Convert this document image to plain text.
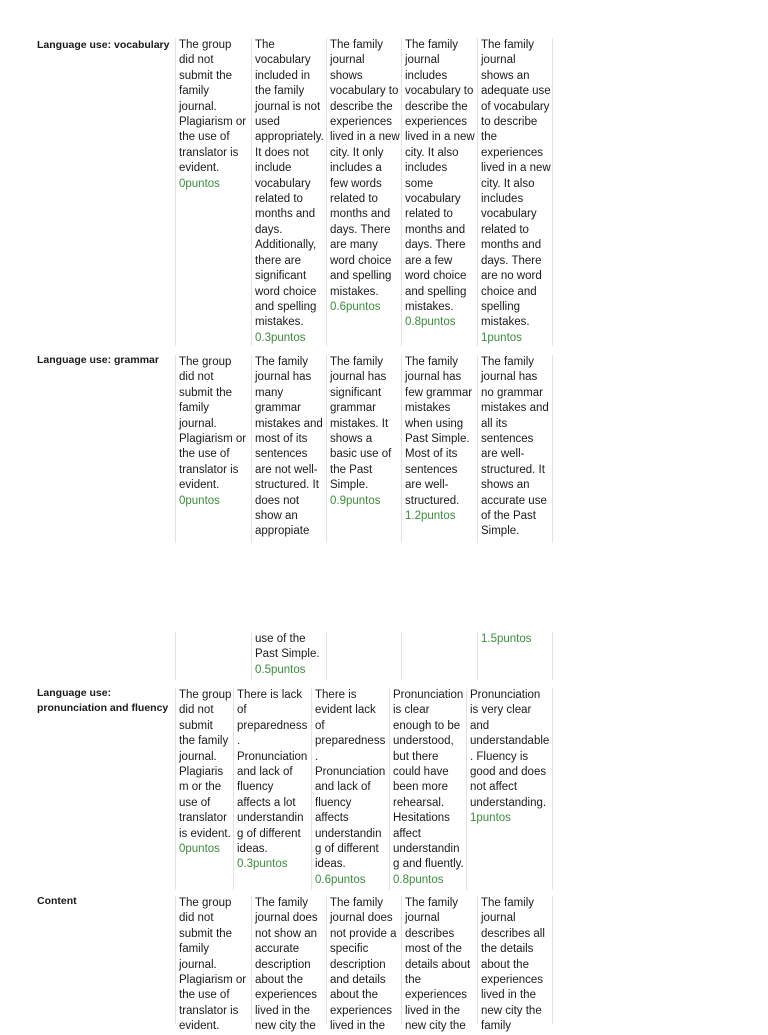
Language use: vocabulary The group
did not
submit the
family
journal.
Plagiarism or
the use of
translator is
evident.
0puntos
The
vocabulary
included in
the family
journal is not
used
appropriately.
It does not
include
vocabulary
related to
months and
days.
Additionally,
there are
significant
word choice
and spelling
mistakes.
0.3puntos
The family
journal
shows
vocabulary to
describe the
experiences
lived in a new
city. It only
includes a
few words
related to
months and
days. There
are many
word choice
and spelling
mistakes.
0.6puntos
The family
journal
includes
vocabulary to
describe the
experiences
lived in a new
city. It also
includes
some
vocabulary
related to
months and
days. There
are a few
word choice
and spelling
mistakes.
0.8puntos
The family
journal
shows an
adequate use
of vocabulary
to describe
the
experiences
lived in a new
city. It also
includes
vocabulary
related to
months and
days. There
are no word
choice and
spelling
mistakes.
1puntos
Language use: grammar The group
did not
submit the
family
journal.
Plagiarism or
the use of
translator is
evident.
0puntos
The family
journal has
many
grammar
mistakes and
most of its
sentences
are not well-
structured. It
does not
show an
appropiate
The family
journal has
significant
grammar
mistakes. It
shows a
basic use of
the Past
Simple.
0.9puntos
The family
journal has
few grammar
mistakes
when using
Past Simple.
Most of its
sentences
are well-
structured.
1.2puntos
The family
journal has
no grammar
mistakes and
all its
sentences
are well-
structured. It
shows an
accurate use
of the Past
Simple.
use of the
Past Simple.
0.5puntos
1.5puntos
Language use:
pronunciation and fluency
The group
did not
submit
the family
journal.
Plagiaris
m or the
use of
translator
is evident.
0puntos
There is lack
of
preparedness
.
Pronunciation
and lack of
fluency
affects a lot
understandin
g of different
ideas.
0.3puntos
There is
evident lack
of
preparedness
.
Pronunciation
and lack of
fluency
affects
understandin
g of different
ideas.
0.6puntos
Pronunciation
is clear
enough to be
understood,
but there
could have
been more
rehearsal.
Hesitations
affect
understandin
g and fluently.
0.8puntos
Pronunciation
is very clear
and
understandable
. Fluency is
good and does
not affect
understanding.
1puntos
Content	The group
did not
submit the
family
journal.
Plagiarism or
the use of
translator is
evident.
The family
journal does
not show an
accurate
description
about the
experiences
lived in the
new city the
The family
journal does
not provide a
specific
description
and details
about the
experiences
lived in the
The family
journal
describes
most of the
details about
the
experiences
lived in the
new city the
The family
journal
describes all
the details
about the
experiences
lived in the
new city the
family
